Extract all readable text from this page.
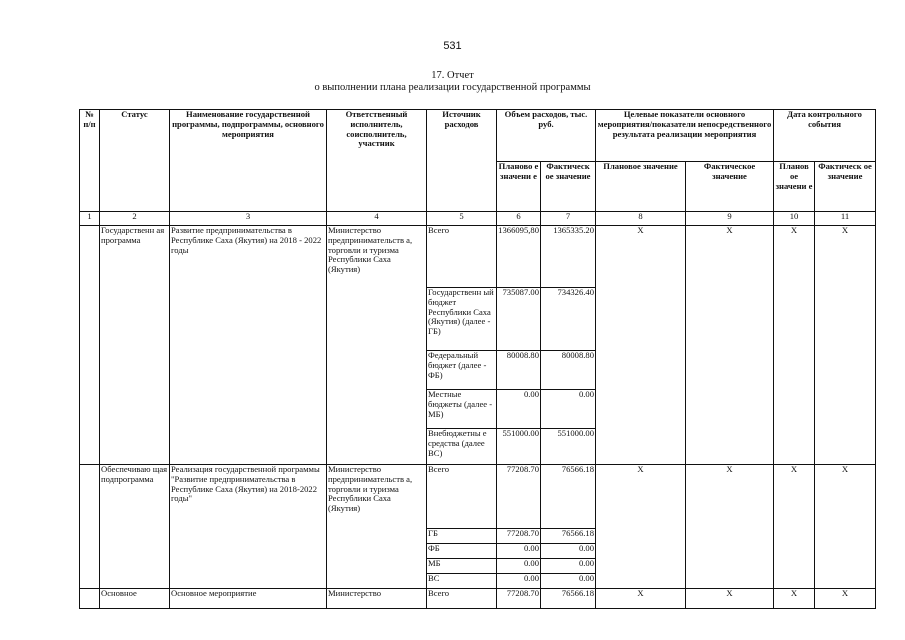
531
17. Отчет
о выполнении плана реализации государственной программы
№ п/п	Статус	Наименование государственной программы, подпрограммы, основного мероприятия	Ответственный исполнитель, соисполнитель, участник	Источник расходов	Объем расходов, тыс. руб.		Целевые показатели основного мероприятия/показатели непосредственного результата реализации мероприятия		Дата контрольного события	
					Планово е значени е	Фактическ ое значение	Плановое значение	Фактическое значение	Планов ое значени е	Фактическ ое значение
1	2	3	4	5	6	7	8	9	10	11
	Государственн ая программа	Развитие предпринимательства в Республике Саха (Якутия) на 2018 - 2022 годы	Министерство предпринимательств а, торговли и туризма Республики Саха (Якутия)	Всего	1366095,80	1365335.20	X	X	X	X
				Государственн ый бюджет Республики Саха (Якутия) (далее - ГБ)	735087.00	734326.40				
				Федеральный бюджет (далее - ФБ)	80008.80	80008.80				
				Местные бюджеты (далее - МБ)	0.00	0.00				
				Внебюджетны е средства (далее ВС)	551000.00	551000.00				
	Обеспечиваю щая подпрограмма	Реализация государственной программы "Развитие предпринимательства в Республике Саха (Якутия) на 2018-2022 годы"	Министерство предпринимательств а, торговли и туризма Республики Саха (Якутия)	Всего	77208.70	76566.18	X	X	X	X
				ГБ	77208.70	76566.18				
				ФБ	0.00	0.00				
				МБ	0.00	0.00				
				ВС	0.00	0.00				
	Основное	Основное мероприятие	Министерство	Всего	77208.70	76566.18	X	X	X	X
